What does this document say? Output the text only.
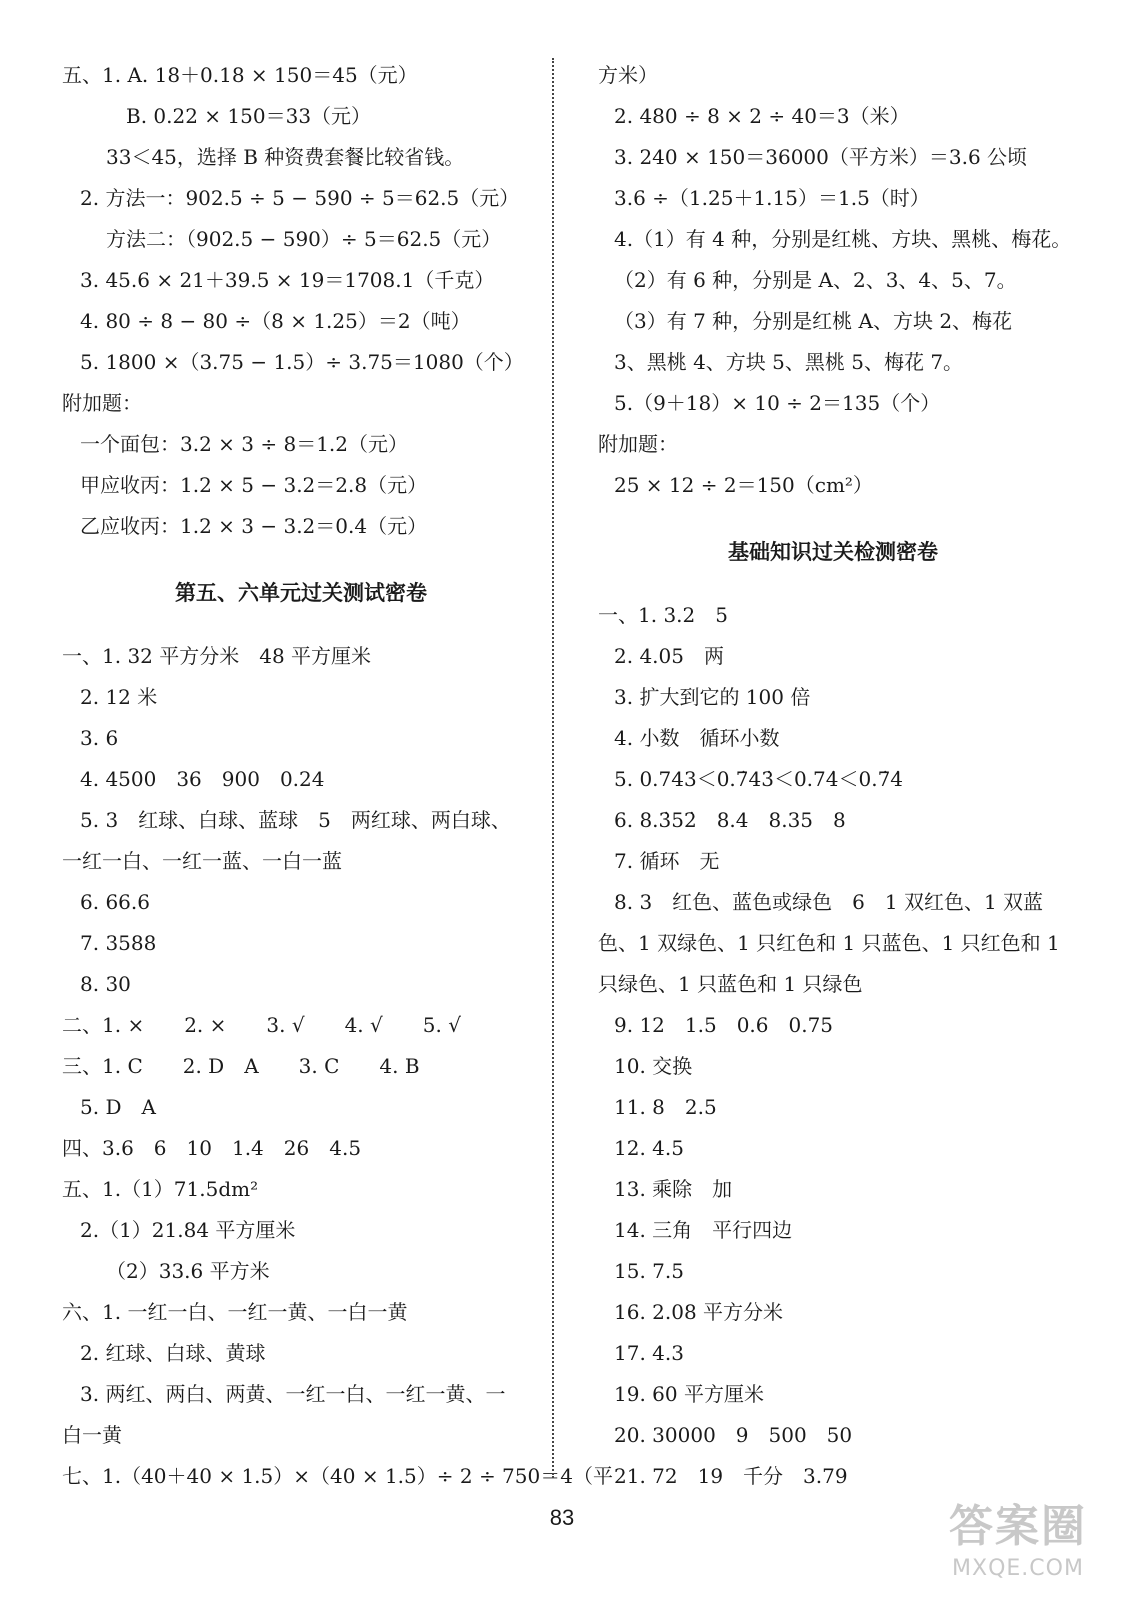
五、1. A. 18＋0.18 × 150＝45（元）
B. 0.22 × 150＝33（元）
33＜45，选择 B 种资费套餐比较省钱。
2. 方法一：902.5 ÷ 5 − 590 ÷ 5＝62.5（元）
方法二：（902.5 − 590）÷ 5＝62.5（元）
3. 45.6 × 21＋39.5 × 19＝1708.1（千克）
4. 80 ÷ 8 − 80 ÷（8 × 1.25）＝2（吨）
5. 1800 ×（3.75 − 1.5）÷ 3.75＝1080（个）
附加题：
一个面包：3.2 × 3 ÷ 8＝1.2（元）
甲应收丙：1.2 × 5 − 3.2＝2.8（元）
乙应收丙：1.2 × 3 − 3.2＝0.4（元）
第五、六单元过关测试密卷
一、1. 32 平方分米　48 平方厘米
2. 12 米
3. 6
4. 4500　36　900　0.24
5. 3　红球、白球、蓝球　5　两红球、两白球、
一红一白、一红一蓝、一白一蓝
6. 66.6
7. 3588
8. 30
二、1. ×　　2. ×　　3. √　　4. √　　5. √
三、1. C　　2. D　A　　3. C　　4. B
5. D　A
四、3.6　6　10　1.4　26　4.5
五、1.（1）71.5dm²
2.（1）21.84 平方厘米
（2）33.6 平方米
六、1. 一红一白、一红一黄、一白一黄
2. 红球、白球、黄球
3. 两红、两白、两黄、一红一白、一红一黄、一
白一黄
七、1.（40＋40 × 1.5）×（40 × 1.5）÷ 2 ÷ 750＝4（平
方米）
2. 480 ÷ 8 × 2 ÷ 40＝3（米）
3. 240 × 150＝36000（平方米）＝3.6 公顷
3.6 ÷（1.25＋1.15）＝1.5（时）
4.（1）有 4 种，分别是红桃、方块、黑桃、梅花。
（2）有 6 种，分别是 A、2、3、4、5、7。
（3）有 7 种，分别是红桃 A、方块 2、梅花
3、黑桃 4、方块 5、黑桃 5、梅花 7。
5.（9＋18）× 10 ÷ 2＝135（个）
附加题：
25 × 12 ÷ 2＝150（cm²）
基础知识过关检测密卷
一、1. 3.2　5
2. 4.05　两
3. 扩大到它的 100 倍
4. 小数　循环小数
5. 0.743＜0.7̇43̇＜0.74̇＜0.7̇4̇
6. 8.3̇52̇　8.4　8.35　8
7. 循环　无
8. 3　红色、蓝色或绿色　6　1 双红色、1 双蓝
色、1 双绿色、1 只红色和 1 只蓝色、1 只红色和 1
只绿色、1 只蓝色和 1 只绿色
9. 12　1.5　0.6　0.75
10. 交换
11. 8　2.5
12. 4.5
13. 乘除　加
14. 三角　平行四边
15. 7.5
16. 2.08 平方分米
17. 4.3
19. 60 平方厘米
20. 30000　9　500　50
21. 72　19　千分　3.79
83	答案圈
MXQE.COM
